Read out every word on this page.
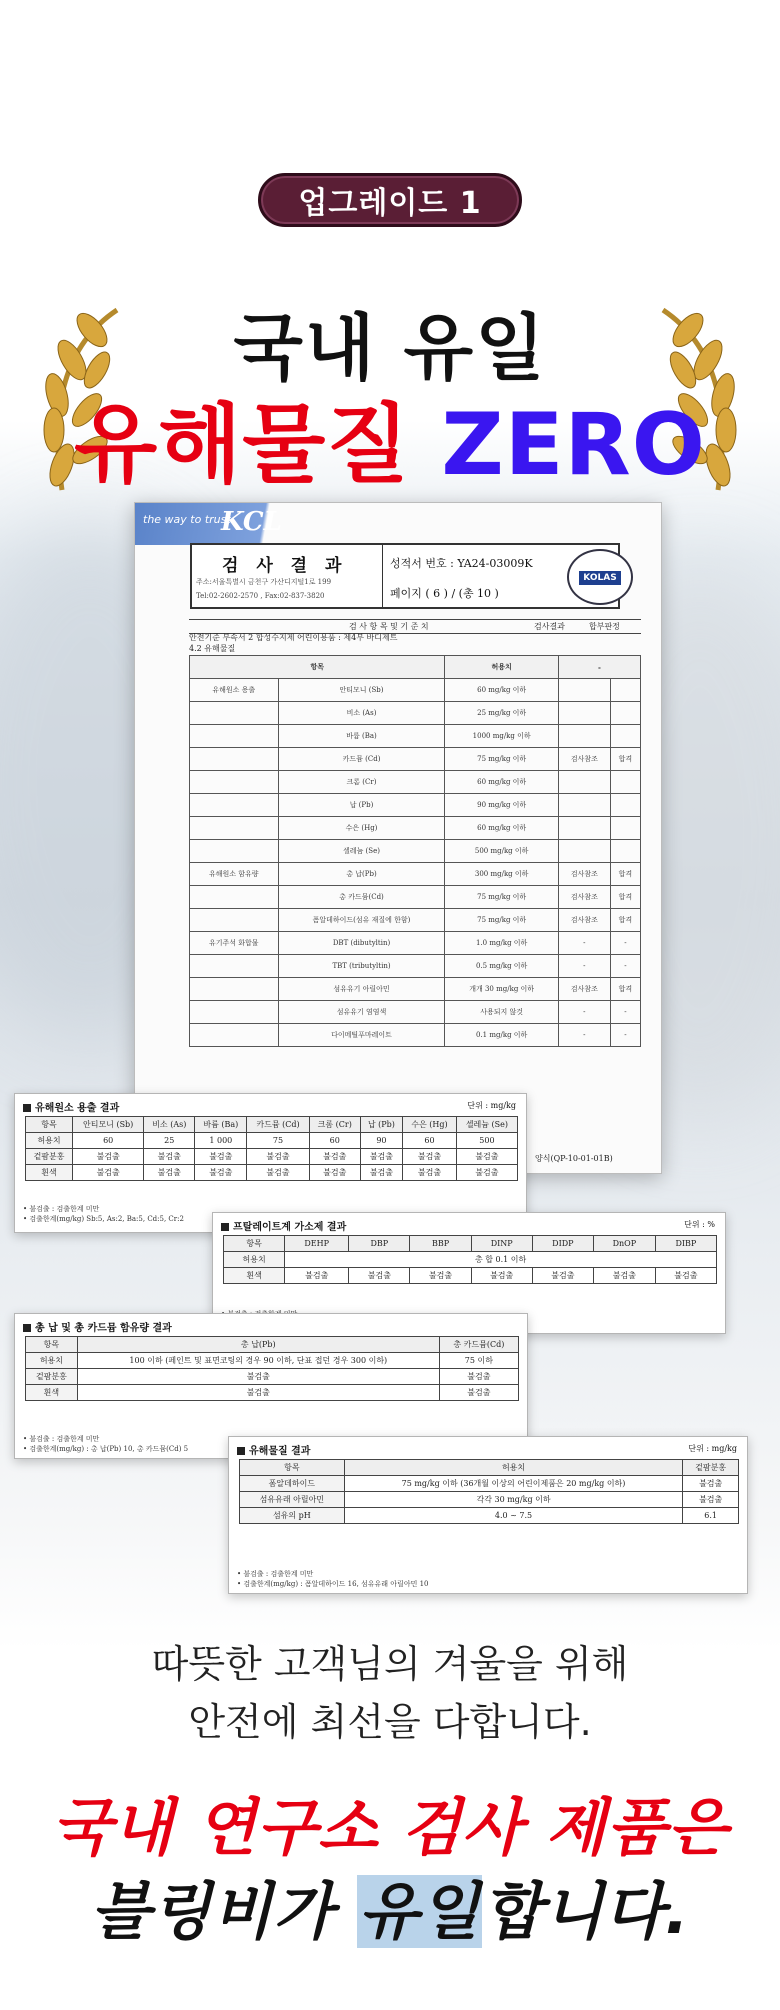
업그레이드 1
국내 유일
유해물질 ZERO
the way to trust
KCL
검 사 결 과
주소:서울특별시 금천구 가산디지털1로 199
Tel:02-2602-2570 , Fax:02-837-3820
성적서 번호 : YA24-03009K
페이지 ( 6 ) / (총 10 )
KOLAS
검 사 항 목 및 기 준 치	검사결과	합부판정
안전기준 부속서 2 합성수지제 어린이용품 : 제4부 바디제트
4.2 유해물질
항목		허용치	-	
유해원소 용출	안티모니 (Sb)	60 mg/kg 이하		
	비소 (As)	25 mg/kg 이하		
	바륨 (Ba)	1000 mg/kg 이하		
	카드뮴 (Cd)	75 mg/kg 이하	검사참조	합격
	크롬 (Cr)	60 mg/kg 이하		
	납 (Pb)	90 mg/kg 이하		
	수은 (Hg)	60 mg/kg 이하		
	셀레늄 (Se)	500 mg/kg 이하		
유해원소 함유량	총 납(Pb)	300 mg/kg 이하	검사참조	합격
	총 카드뮴(Cd)	75 mg/kg 이하	검사참조	합격
	폼알데하이드(섬유 재질에 한함)	75 mg/kg 이하	검사참조	합격
유기주석 화합물	DBT (dibutyltin)	1.0 mg/kg 이하	-	-
	TBT (tributyltin)	0.5 mg/kg 이하	-	-
	섬유유기 아릴아민	개개 30 mg/kg 이하	검사참조	합격
	섬유유기 염염색	사용되지 않것	-	-
	다이메틸푸마레이트	0.1 mg/kg 이하	-	-
양식(QP-10-01-01B)
유해원소 용출 결과	단위 : mg/kg
항목	안티모니 (Sb)	비소 (As)	바륨 (Ba)	카드뮴 (Cd)	크롬 (Cr)	납 (Pb)	수은 (Hg)	셀레늄 (Se)
허용치	60	25	1 000	75	60	90	60	500
겉팜분홍	불검출	불검출	불검출	불검출	불검출	불검출	불검출	불검출
흰색	불검출	불검출	불검출	불검출	불검출	불검출	불검출	불검출
• 불검출 : 검출한계 미만
• 검출한계(mg/kg) Sb:5, As:2, Ba:5, Cd:5, Cr:2
프탈레이트계 가소제 결과	단위 : %
항목	DEHP	DBP	BBP	DINP	DIDP	DnOP	DIBP
허용치	총 합 0.1 이하						
흰색	불검출	불검출	불검출	불검출	불검출	불검출	불검출
총 납 및 총 카드뮴 함유량 결과
항목	총 납(Pb)	총 카드뮴(Cd)
허용치	100 이하 (페인트 및 표면코팅의 경우 90 이하, 단표 접던 경우 300 이하)	75 이하
겉팜분홍	불검출	불검출
흰색	불검출	불검출
• 불검출 : 검출한계 미만
• 검출한계(mg/kg) : 총 납(Pb) 10, 총 카드뮴(Cd) 5	유해물질 결과	단위 : mg/kg
항목	허용치	겉팜분홍
폼알데하이드	75 mg/kg 이하 (36개월 이상의 어린이제품은 20 mg/kg 이하)	불검출
섬유유래 아릴아민	각각 30 mg/kg 이하	불검출
섬유의 pH	4.0 ~ 7.5	6.1
• 불검출 : 검출한계 미만
• 검출한계(mg/kg) : 폼알데하이드 16, 섬유유래 아릴아민 10
따뜻한 고객님의 겨울을 위해
안전에 최선을 다합니다.
국내 연구소 검사 제품은
블링비가 유일합니다.
